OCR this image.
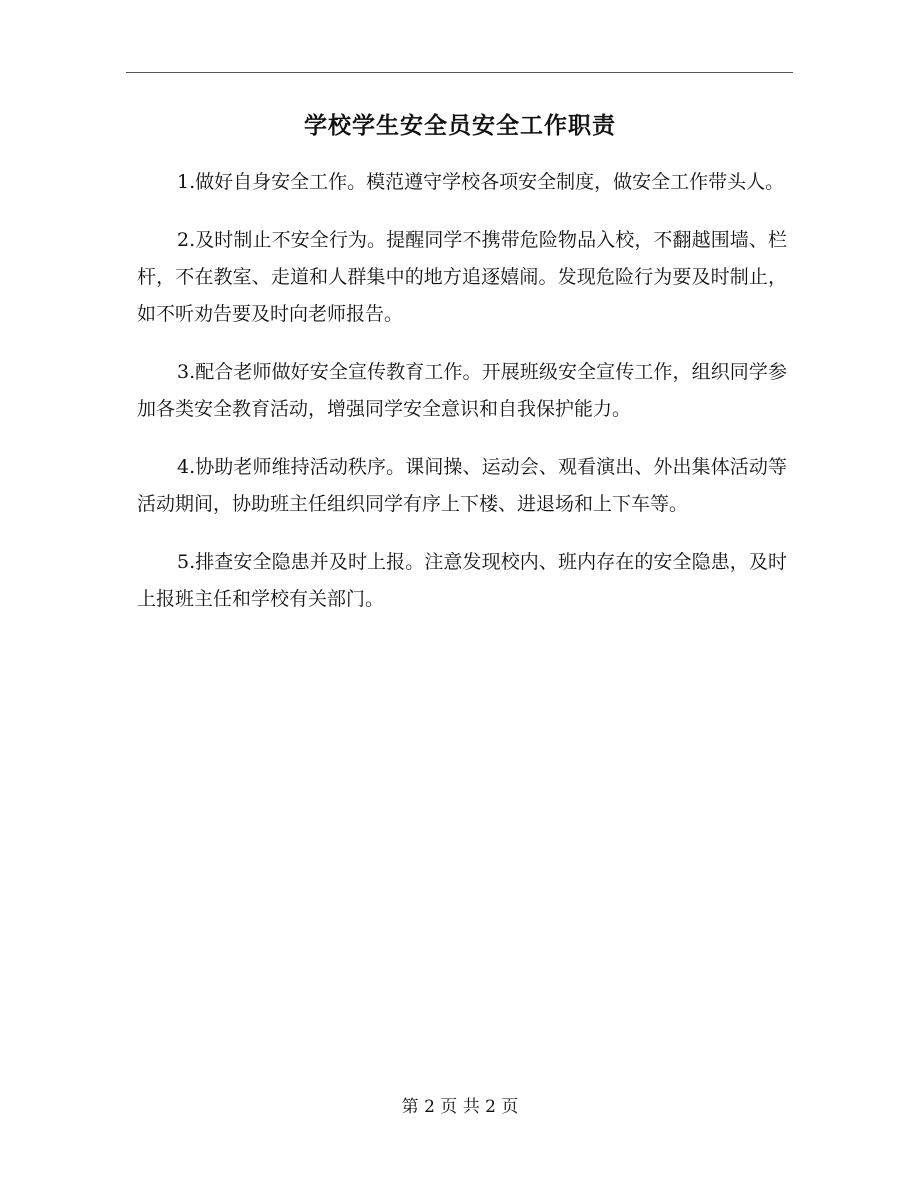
学校学生安全员安全工作职责

1.做好自身安全工作。模范遵守学校各项安全制度，做安全工作带头人。

2.及时制止不安全行为。提醒同学不携带危险物品入校，不翻越围墙、栏杆，不在教室、走道和人群集中的地方追逐嬉闹。发现危险行为要及时制止，如不听劝告要及时向老师报告。

3.配合老师做好安全宣传教育工作。开展班级安全宣传工作，组织同学参加各类安全教育活动，增强同学安全意识和自我保护能力。

4.协助老师维持活动秩序。课间操、运动会、观看演出、外出集体活动等活动期间，协助班主任组织同学有序上下楼、进退场和上下车等。

5.排查安全隐患并及时上报。注意发现校内、班内存在的安全隐患，及时上报班主任和学校有关部门。

第 2 页 共 2 页
